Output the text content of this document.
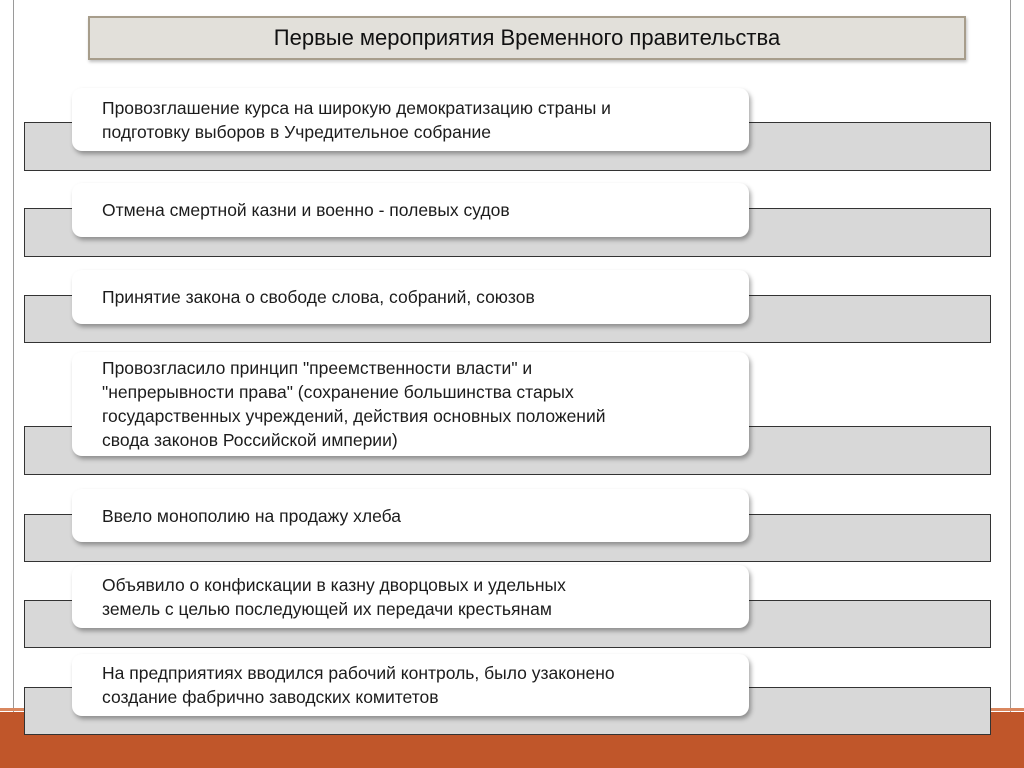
Первые мероприятия Временного правительства
Провозглашение курса на широкую демократизацию страны и
подготовку выборов в Учредительное собрание
Отмена смертной казни и военно - полевых судов
Принятие закона о свободе слова, собраний, союзов
Провозгласило принцип "преемственности власти" и
"непрерывности права" (сохранение большинства старых
государственных учреждений, действия основных положений
свода законов Российской империи)
Ввело монополию на продажу хлеба
Объявило о конфискации в казну дворцовых и удельных
земель с целью последующей их передачи крестьянам
На предприятиях вводился рабочий контроль, было узаконено
создание фабрично заводских комитетов
